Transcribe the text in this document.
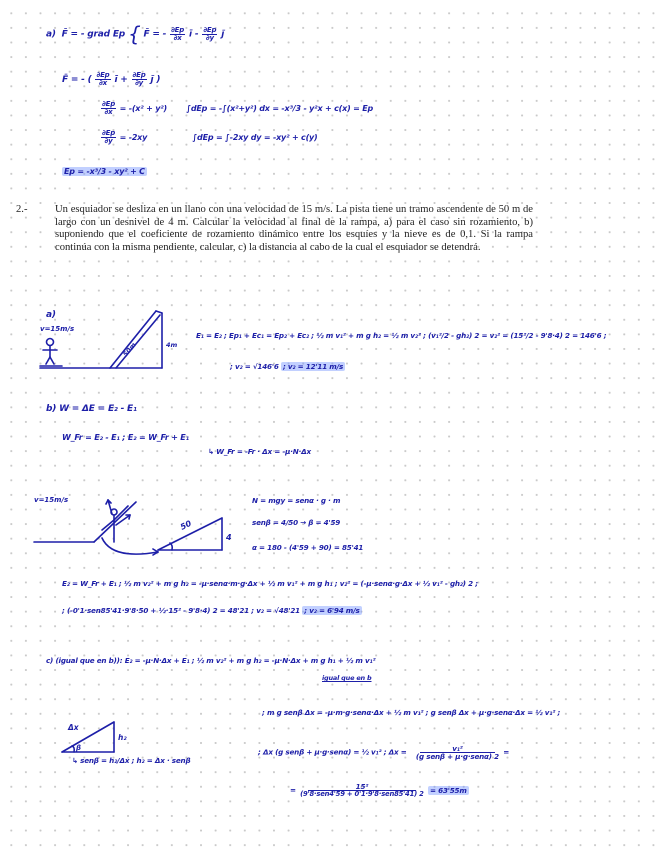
a) F̄ = - grad Ep { F̄ = - $\frac{\partial Ep}{\partial x}$ ī - $\frac{\partial Ep}{\partial y}$ j̄
F̄ = - ( $\frac{\partial Ep}{\partial x}$ ī + $\frac{\partial Ep}{\partial y}$ j̄ )
$\frac{\partial Ep}{\partial x} = -(x^2 + y^2) \int dEp = -\int(x^2+y^2)$ dx = -x³/3 - y²x + c(x) = Ep
$\frac{\partial Ep}{\partial y} = -2xy$	∫dEp = ∫-2xy dy = -xy² + c(y)
Ep = -x³/3 - xy² + C
2.-	Un esquiador se desliza en un llano con una velocidad de 15 m/s. La pista tiene un tramo ascendente de 50 m de largo con un desnivel de 4 m. Calcular la velocidad al final de la rampa, a) para el caso sin rozamiento, b) suponiendo que el coeficiente de rozamiento dinámico entre los esquíes y la nieve es de 0,1. Si la rampa continúa con la misma pendiente, calcular, c) la distancia al cabo de la cual el esquiador se detendrá.
a)
v=15m/s
50m	4m
E₁ = E₂ ; Ep₁ + Ec₁ = Ep₂ + Ec₂ ; ½ m v₁² + m g h₂ = ½ m v₂² ; (v₁²/2 - gh₂) 2 = v₂² = (15²/2 - 9'8·4) 2 = 146'6 ;
; v₂ = √146'6 ; v₂ = 12'11 m/s
b) W = ΔE = E₂ - E₁
W_Fr = E₂ - E₁ ; E₂ = W_Fr + E₁
↳ W_Fr = -Fr · Δx = -μ·N·Δx
v=15m/s
50
4
N = mgy = senα · g · m
senβ = 4/50 → β = 4'59
α = 180 - (4'59 + 90) = 85'41
E₂ = W_Fr + E₁ ; ½ m v₂² + m g h₂ = -μ·senα·m·g·Δx + ½ m v₁² + m g h₁ ; v₂² = (-μ·senα·g·Δx + ½ v₁² - gh₂) 2 ;
; (-0'1·sen85'41·9'8·50 + ½·15² - 9'8·4) 2 = 48'21 ; v₂ = √48'21 ; v₂ = 6'94 m/s
c) (igual que en b)): E₂ = -μ·N·Δx + E₁ ; ½ m v₂² + m g h₂ = -μ·N·Δx + m g h₁ + ½ m v₁²
igual que en b
; m g senβ Δx = -μ·m·g·senα·Δx + ½ m v₁² ; g senβ Δx + μ·g·senα·Δx = ½ v₁² ;
Δx
h₂
β
↳ senβ = h₂/Δx ; h₂ = Δx · senβ
; Δx (g senβ + μ·g·senα) = ½ v₁² ; $\Delta x = \frac{\text{v₁²}}{\text{(g senβ + μ·g·senα) 2}}$ =
= $\frac{\text{15²}}{\text{(9'8·sen4'59 + 0'1·9'8·sen85'41) 2}} = 63'55m$
